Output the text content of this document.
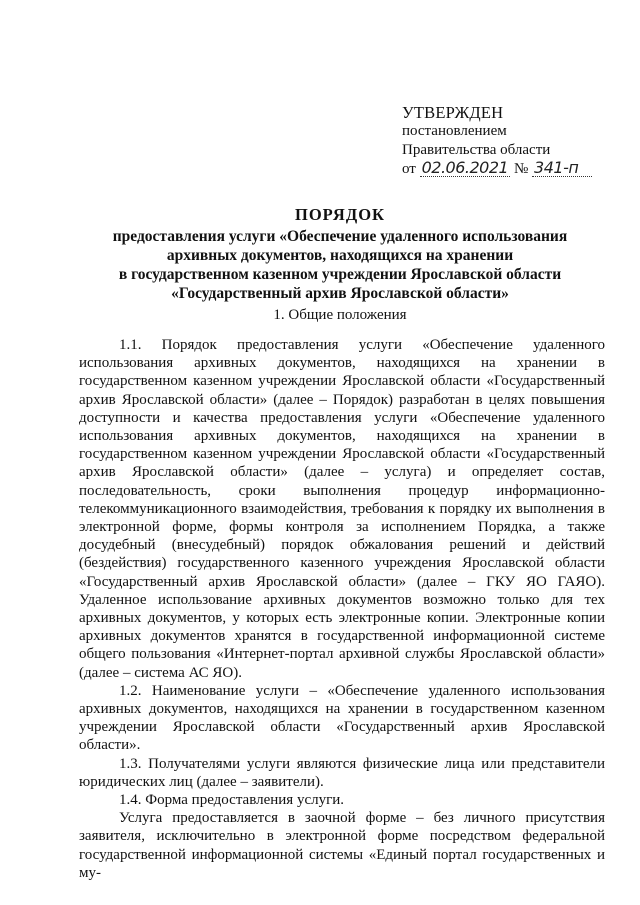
УТВЕРЖДЕН
постановлением
Правительства области
от 02.06.2021 № 341-п
ПОРЯДОК
предоставления услуги «Обеспечение удаленного использования
архивных документов, находящихся на хранении
в государственном казенном учреждении Ярославской области
«Государственный архив Ярославской области»
1. Общие положения

1.1. Порядок предоставления услуги «Обеспечение удаленного использования архивных документов, находящихся на хранении в государственном казенном учреждении Ярославской области «Государственный архив Ярославской области» (далее – Порядок) разработан в целях повышения доступности и качества предоставления услуги «Обеспечение удаленного использования архивных документов, находящихся на хранении в государственном казенном учреждении Ярославской области «Государственный архив Ярославской области» (далее – услуга) и определяет состав, последовательность, сроки выполнения процедур информационно-телекоммуникационного взаимодействия, требования к порядку их выполнения в электронной форме, формы контроля за исполнением Порядка, а также досудебный (внесудебный) порядок обжалования решений и действий (бездействия) государственного казенного учреждения Ярославской области «Государственный архив Ярославской области» (далее – ГКУ ЯО ГАЯО). Удаленное использование архивных документов возможно только для тех архивных документов, у которых есть электронные копии. Электронные копии архивных документов хранятся в государственной информационной системе общего пользования «Интернет-портал архивной службы Ярославской области» (далее – система АС ЯО).

1.2. Наименование услуги – «Обеспечение удаленного использования архивных документов, находящихся на хранении в государственном казенном учреждении Ярославской области «Государственный архив Ярославской области».

1.3. Получателями услуги являются физические лица или представители юридических лиц (далее – заявители).

1.4. Форма предоставления услуги.

Услуга предоставляется в заочной форме – без личного присутствия заявителя, исключительно в электронной форме посредством федеральной государственной информационной системы «Единый портал государственных и му-
